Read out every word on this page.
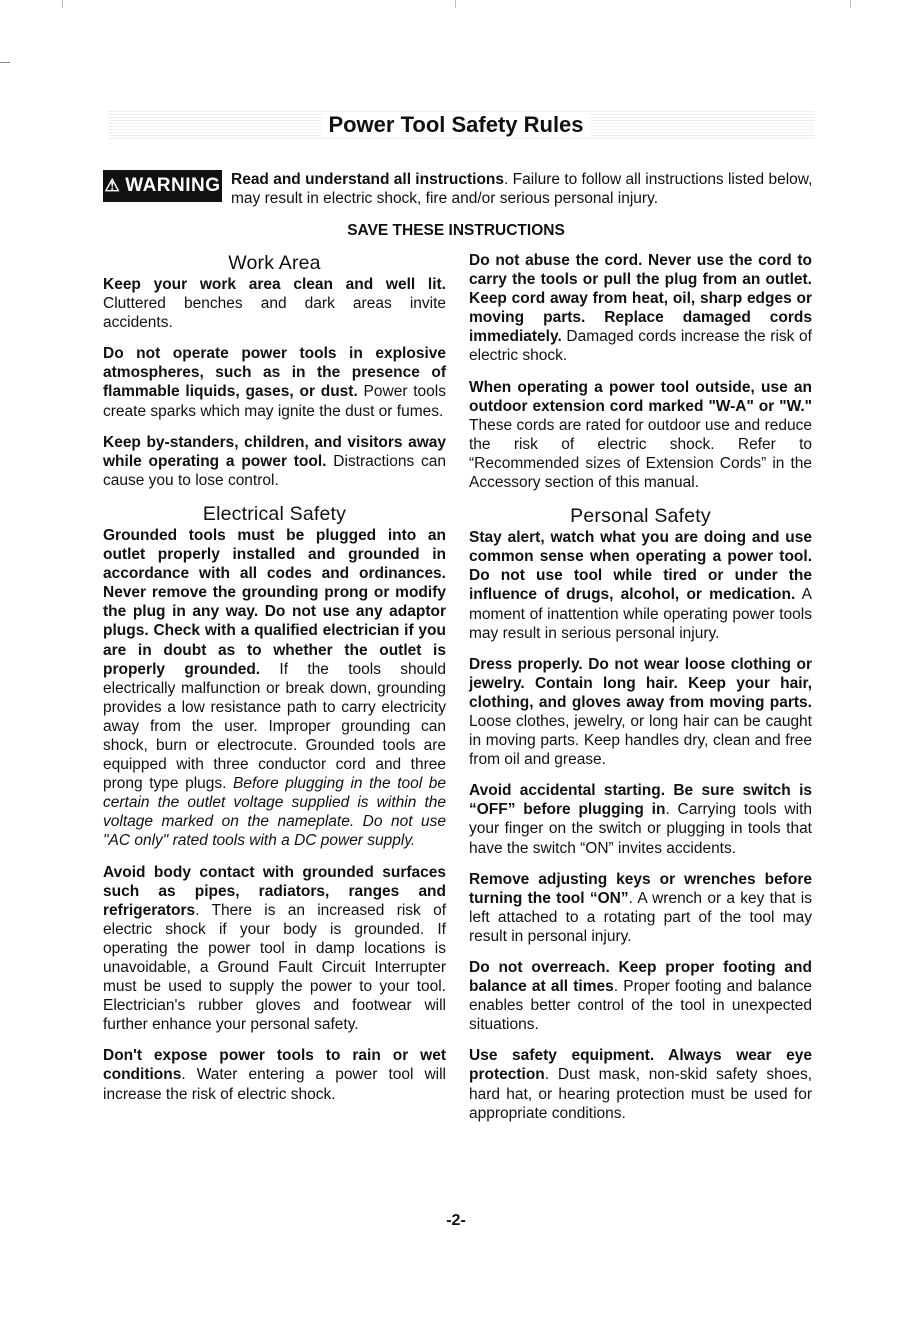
Power Tool Safety Rules
⚠ WARNING Read and understand all instructions. Failure to follow all instructions listed below, may result in electric shock, fire and/or serious personal injury.
SAVE THESE INSTRUCTIONS
Work Area

Keep your work area clean and well lit. Cluttered benches and dark areas invite accidents.

Do not operate power tools in explosive atmospheres, such as in the presence of flammable liquids, gases, or dust. Power tools create sparks which may ignite the dust or fumes.

Keep by-standers, children, and visitors away while operating a power tool. Distractions can cause you to lose control.

Electrical Safety

Grounded tools must be plugged into an outlet properly installed and grounded in accordance with all codes and ordinances. Never remove the grounding prong or modify the plug in any way. Do not use any adaptor plugs. Check with a qualified electrician if you are in doubt as to whether the outlet is properly grounded. If the tools should electrically malfunction or break down, grounding provides a low resistance path to carry electricity away from the user. Improper grounding can shock, burn or electrocute. Grounded tools are equipped with three conductor cord and three prong type plugs. Before plugging in the tool be certain the outlet voltage supplied is within the voltage marked on the nameplate. Do not use "AC only" rated tools with a DC power supply.

Avoid body contact with grounded surfaces such as pipes, radiators, ranges and refrigerators. There is an increased risk of electric shock if your body is grounded. If operating the power tool in damp locations is unavoidable, a Ground Fault Circuit Interrupter must be used to supply the power to your tool. Electrician's rubber gloves and footwear will further enhance your personal safety.

Don't expose power tools to rain or wet conditions. Water entering a power tool will increase the risk of electric shock.

Do not abuse the cord. Never use the cord to carry the tools or pull the plug from an outlet. Keep cord away from heat, oil, sharp edges or moving parts. Replace damaged cords immediately. Damaged cords increase the risk of electric shock.

When operating a power tool outside, use an outdoor extension cord marked "W-A" or "W." These cords are rated for outdoor use and reduce the risk of electric shock. Refer to “Recommended sizes of Extension Cords” in the Accessory section of this manual.

Personal Safety

Stay alert, watch what you are doing and use common sense when operating a power tool. Do not use tool while tired or under the influence of drugs, alcohol, or medication. A moment of inattention while operating power tools may result in serious personal injury.

Dress properly. Do not wear loose clothing or jewelry. Contain long hair. Keep your hair, clothing, and gloves away from moving parts. Loose clothes, jewelry, or long hair can be caught in moving parts. Keep handles dry, clean and free from oil and grease.

Avoid accidental starting. Be sure switch is “OFF” before plugging in. Carrying tools with your finger on the switch or plugging in tools that have the switch “ON” invites accidents.

Remove adjusting keys or wrenches before turning the tool “ON”. A wrench or a key that is left attached to a rotating part of the tool may result in personal injury.

Do not overreach. Keep proper footing and balance at all times. Proper footing and balance enables better control of the tool in unexpected situations.

Use safety equipment. Always wear eye protection. Dust mask, non-skid safety shoes, hard hat, or hearing protection must be used for appropriate conditions.

-2-
